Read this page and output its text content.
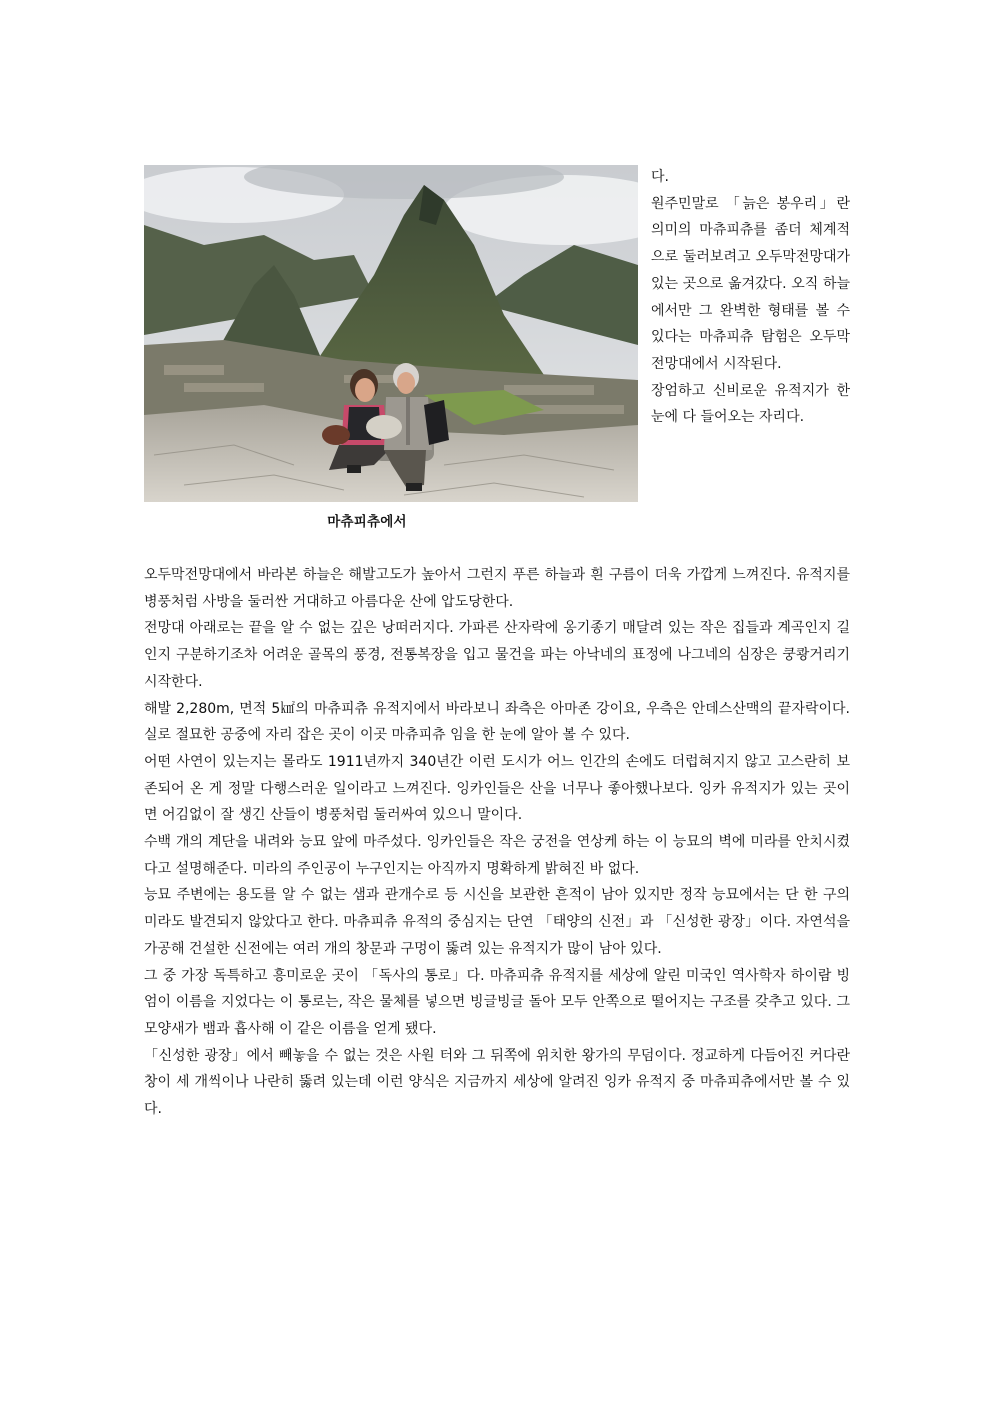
마츄피츄에서

다.

원주민말로 「늙은 봉우리」란 의미의 마츄피츄를 좀더 체계적으로 둘러보려고 오두막전망대가 있는 곳으로 옮겨갔다. 오직 하늘에서만 그 완벽한 형태를 볼 수 있다는 마츄피츄 탐험은 오두막 전망대에서 시작된다.

장엄하고 신비로운 유적지가 한눈에 다 들어오는 자리다.

오두막전망대에서 바라본 하늘은 해발고도가 높아서 그런지 푸른 하늘과 흰 구름이 더욱 가깝게 느껴진다. 유적지를 병풍처럼 사방을 둘러싼 거대하고 아름다운 산에 압도당한다.

전망대 아래로는 끝을 알 수 없는 깊은 낭떠러지다. 가파른 산자락에 옹기종기 매달려 있는 작은 집들과 계곡인지 길인지 구분하기조차 어려운 골목의 풍경, 전통복장을 입고 물건을 파는 아낙네의 표정에 나그네의 심장은 쿵쾅거리기 시작한다.

해발 2,280m, 면적 5㎢의 마츄피츄 유적지에서 바라보니 좌측은 아마존 강이요, 우측은 안데스산맥의 끝자락이다. 실로 절묘한 공중에 자리 잡은 곳이 이곳 마츄피츄 임을 한 눈에 알아 볼 수 있다.

어떤 사연이 있는지는 몰라도 1911년까지 340년간 이런 도시가 어느 인간의 손에도 더럽혀지지 않고 고스란히 보존되어 온 게 정말 다행스러운 일이라고 느껴진다. 잉카인들은 산을 너무나 좋아했나보다. 잉카 유적지가 있는 곳이면 어김없이 잘 생긴 산들이 병풍처럼 둘러싸여 있으니 말이다.

수백 개의 계단을 내려와 능묘 앞에 마주섰다. 잉카인들은 작은 궁전을 연상케 하는 이 능묘의 벽에 미라를 안치시켰다고 설명해준다. 미라의 주인공이 누구인지는 아직까지 명확하게 밝혀진 바 없다.

능묘 주변에는 용도를 알 수 없는 샘과 관개수로 등 시신을 보관한 흔적이 남아 있지만 정작 능묘에서는 단 한 구의 미라도 발견되지 않았다고 한다. 마츄피츄 유적의 중심지는 단연 「태양의 신전」과 「신성한 광장」이다. 자연석을 가공해 건설한 신전에는 여러 개의 창문과 구멍이 뚫려 있는 유적지가 많이 남아 있다.

그 중 가장 독특하고 흥미로운 곳이 「독사의 통로」다. 마츄피츄 유적지를 세상에 알린 미국인 역사학자 하이람 빙엄이 이름을 지었다는 이 통로는, 작은 물체를 넣으면 빙글빙글 돌아 모두 안쪽으로 떨어지는 구조를 갖추고 있다. 그 모양새가 뱀과 흡사해 이 같은 이름을 얻게 됐다.

「신성한 광장」에서 빼놓을 수 없는 것은 사원 터와 그 뒤쪽에 위치한 왕가의 무덤이다. 정교하게 다듬어진 커다란 창이 세 개씩이나 나란히 뚫려 있는데 이런 양식은 지금까지 세상에 알려진 잉카 유적지 중 마츄피츄에서만 볼 수 있다.
